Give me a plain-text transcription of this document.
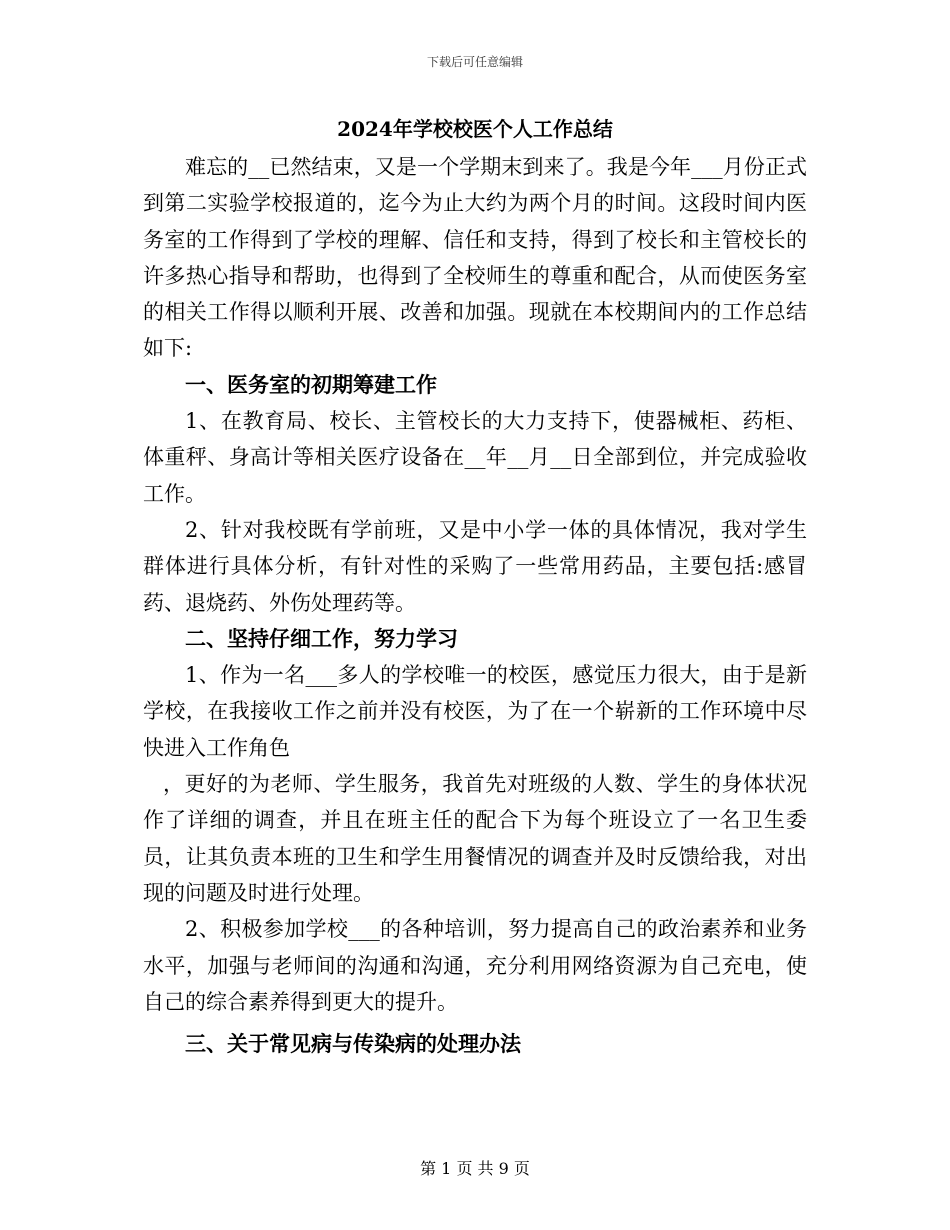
下载后可任意编辑
2024年学校校医个人工作总结

难忘的__已然结束，又是一个学期末到来了。我是今年___月份正式到第二实验学校报道的，迄今为止大约为两个月的时间。这段时间内医务室的工作得到了学校的理解、信任和支持，得到了校长和主管校长的许多热心指导和帮助，也得到了全校师生的尊重和配合，从而使医务室的相关工作得以顺利开展、改善和加强。现就在本校期间内的工作总结如下:

一、医务室的初期筹建工作

1、在教育局、校长、主管校长的大力支持下，使器械柜、药柜、体重秤、身高计等相关医疗设备在__年__月__日全部到位，并完成验收工作。

2、针对我校既有学前班，又是中小学一体的具体情况，我对学生群体进行具体分析，有针对性的采购了一些常用药品，主要包括:感冒药、退烧药、外伤处理药等。

二、坚持仔细工作，努力学习

1、作为一名___多人的学校唯一的校医，感觉压力很大，由于是新学校，在我接收工作之前并没有校医，为了在一个崭新的工作环境中尽快进入工作角色

，更好的为老师、学生服务，我首先对班级的人数、学生的身体状况作了详细的调查，并且在班主任的配合下为每个班设立了一名卫生委员，让其负责本班的卫生和学生用餐情况的调查并及时反馈给我，对出现的问题及时进行处理。

2、积极参加学校___的各种培训，努力提高自己的政治素养和业务水平，加强与老师间的沟通和沟通，充分利用网络资源为自己充电，使自己的综合素养得到更大的提升。

三、关于常见病与传染病的处理办法

第 1 页 共 9 页
